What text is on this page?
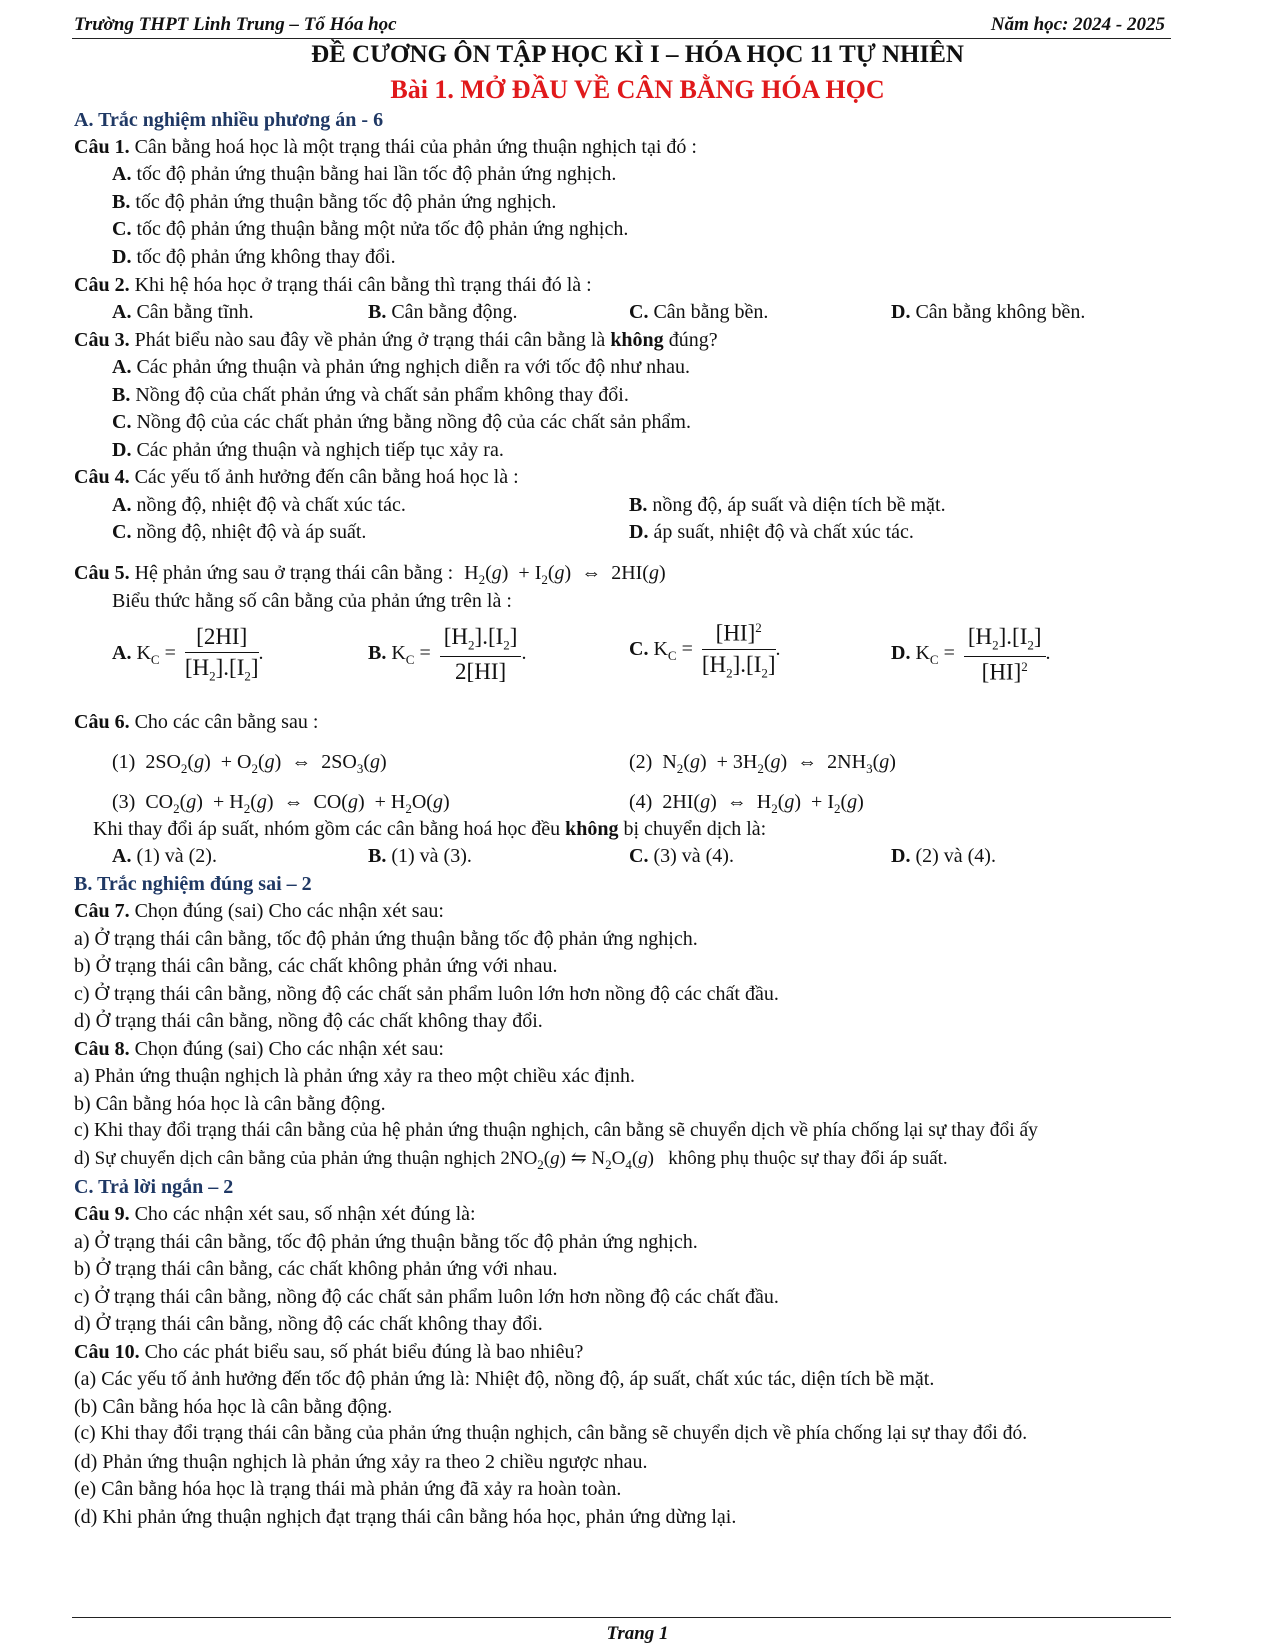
Trường THPT Linh Trung – Tổ Hóa học	Năm học: 2024 - 2025
ĐỀ CƯƠNG ÔN TẬP HỌC KÌ I – HÓA HỌC 11 TỰ NHIÊN
Bài 1. MỞ ĐẦU VỀ CÂN BẰNG HÓA HỌC
A. Trắc nghiệm nhiều phương án - 6
Câu 1. Cân bằng hoá học là một trạng thái của phản ứng thuận nghịch tại đó :
A. tốc độ phản ứng thuận bằng hai lần tốc độ phản ứng nghịch.
B. tốc độ phản ứng thuận bằng tốc độ phản ứng nghịch.
C. tốc độ phản ứng thuận bằng một nửa tốc độ phản ứng nghịch.
D. tốc độ phản ứng không thay đổi.
Câu 2. Khi hệ hóa học ở trạng thái cân bằng thì trạng thái đó là :
A. Cân bằng tĩnh.	B. Cân bằng động.	C. Cân bằng bền.	D. Cân bằng không bền.
Câu 3. Phát biểu nào sau đây về phản ứng ở trạng thái cân bằng là không đúng?
A. Các phản ứng thuận và phản ứng nghịch diễn ra với tốc độ như nhau.
B. Nồng độ của chất phản ứng và chất sản phẩm không thay đổi.
C. Nồng độ của các chất phản ứng bằng nồng độ của các chất sản phẩm.
D. Các phản ứng thuận và nghịch tiếp tục xảy ra.
Câu 4. Các yếu tố ảnh hưởng đến cân bằng hoá học là :
A. nồng độ, nhiệt độ và chất xúc tác.	B. nồng độ, áp suất và diện tích bề mặt.
C. nồng độ, nhiệt độ và áp suất.	D. áp suất, nhiệt độ và chất xúc tác.
Câu 5. Hệ phản ứng sau ở trạng thái cân bằng : $H_2(g) + I_2(g)$  ⇔  2HI(g)
Biểu thức hằng số cân bằng của phản ứng trên là :
A. $K_C = \frac{[2HI]}{[H_2].[I_2]}$ .	B. $K_C = \frac{[H_2].[I_2]}{2[HI]}$ .	C. $K_C = \frac{[HI]^2}{[H_2].[I_2]}$ .	D. $K_C = \frac{[H_2].[I_2]}{[HI]^2}$ .
Câu 6. Cho các cân bằng sau :
(1)  $2SO_2(g) + O_2(g)$  ⇔  $2SO_3(g)$	(2)  $N_2(g) + 3H_2(g)$  ⇔  $2NH_3(g)$
(3)  $CO_2(g) + H_2(g)$  ⇔  $CO(g) + H_2O(g)$	(4)  2HI(g)  ⇔  $H_2(g) + I_2(g)$
Khi thay đổi áp suất, nhóm gồm các cân bằng hoá học đều không bị chuyển dịch là:
A. (1) và (2).	B. (1) và (3).	C. (3) và (4).	D. (2) và (4).
B. Trắc nghiệm đúng sai – 2
Câu 7. Chọn đúng (sai) Cho các nhận xét sau:
a) Ở trạng thái cân bằng, tốc độ phản ứng thuận bằng tốc độ phản ứng nghịch.
b) Ở trạng thái cân bằng, các chất không phản ứng với nhau.
c) Ở trạng thái cân bằng, nồng độ các chất sản phẩm luôn lớn hơn nồng độ các chất đầu.
d) Ở trạng thái cân bằng, nồng độ các chất không thay đổi.
Câu 8. Chọn đúng (sai) Cho các nhận xét sau:
a) Phản ứng thuận nghịch là phản ứng xảy ra theo một chiều xác định.
b) Cân bằng hóa học là cân bằng động.
c) Khi thay đổi trạng thái cân bằng của hệ phản ứng thuận nghịch, cân bằng sẽ chuyển dịch về phía chống lại sự thay đổi ấy
d) Sự chuyển dịch cân bằng của phản ứng thuận nghịch $2NO_2(g)$ ⇋ $N_2O_4(g)$   không phụ thuộc sự thay đổi áp suất.
C. Trả lời ngắn – 2
Câu 9. Cho các nhận xét sau, số nhận xét đúng là:
a) Ở trạng thái cân bằng, tốc độ phản ứng thuận bằng tốc độ phản ứng nghịch.
b) Ở trạng thái cân bằng, các chất không phản ứng với nhau.
c) Ở trạng thái cân bằng, nồng độ các chất sản phẩm luôn lớn hơn nồng độ các chất đầu.
d) Ở trạng thái cân bằng, nồng độ các chất không thay đổi.
Câu 10. Cho các phát biểu sau, số phát biểu đúng là bao nhiêu?
(a) Các yếu tố ảnh hưởng đến tốc độ phản ứng là: Nhiệt độ, nồng độ, áp suất, chất xúc tác, diện tích bề mặt.
(b) Cân bằng hóa học là cân bằng động.
(c) Khi thay đổi trạng thái cân bằng của phản ứng thuận nghịch, cân bằng sẽ chuyển dịch về phía chống lại sự thay đổi đó.
(d) Phản ứng thuận nghịch là phản ứng xảy ra theo 2 chiều ngược nhau.
(e) Cân bằng hóa học là trạng thái mà phản ứng đã xảy ra hoàn toàn.
(d) Khi phản ứng thuận nghịch đạt trạng thái cân bằng hóa học, phản ứng dừng lại.
Trang 1
